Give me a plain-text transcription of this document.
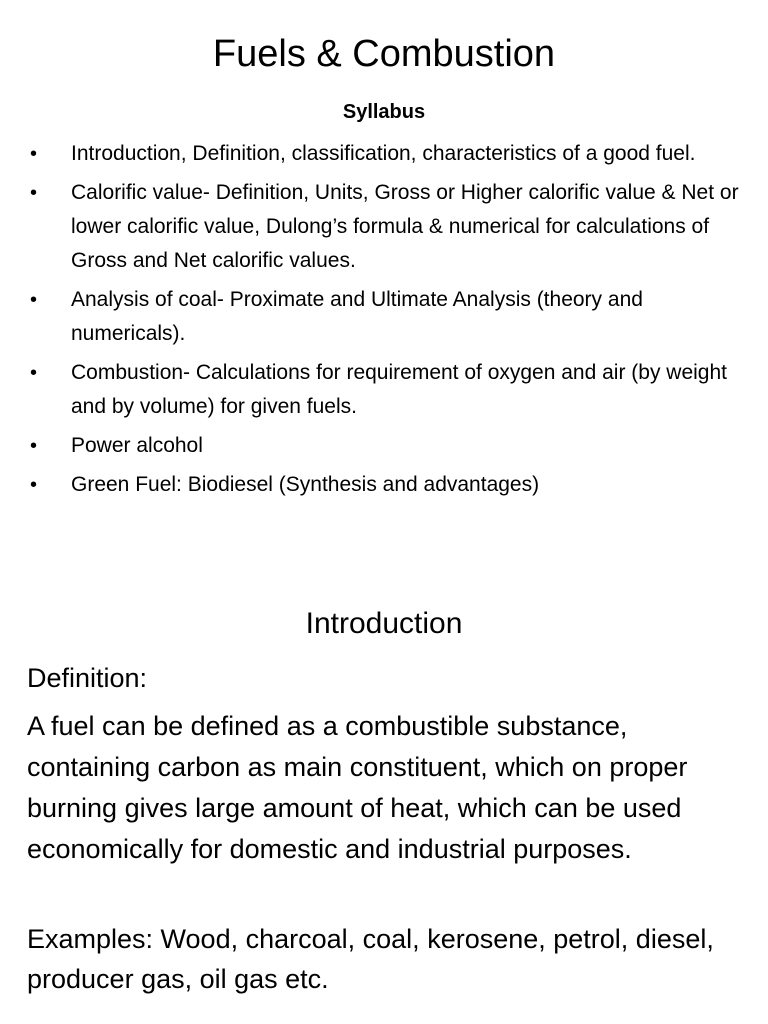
Fuels & Combustion
Syllabus
•	Introduction, Definition, classification, characteristics of a good fuel.
•	Calorific value- Definition, Units, Gross or Higher calorific value & Net or lower calorific value, Dulong’s formula & numerical for calculations of Gross and Net calorific values.
•	Analysis of coal- Proximate and Ultimate Analysis (theory and numericals).
•	Combustion- Calculations for requirement of oxygen and air (by weight and by volume) for given fuels.
•	Power alcohol
•	Green Fuel: Biodiesel (Synthesis and advantages)
Introduction
Definition:
A fuel can be defined as a combustible substance, containing carbon as main constituent, which on proper burning gives large amount of heat, which can be used economically for domestic and industrial purposes.
Examples: Wood, charcoal, coal, kerosene, petrol, diesel, producer gas, oil gas etc.
